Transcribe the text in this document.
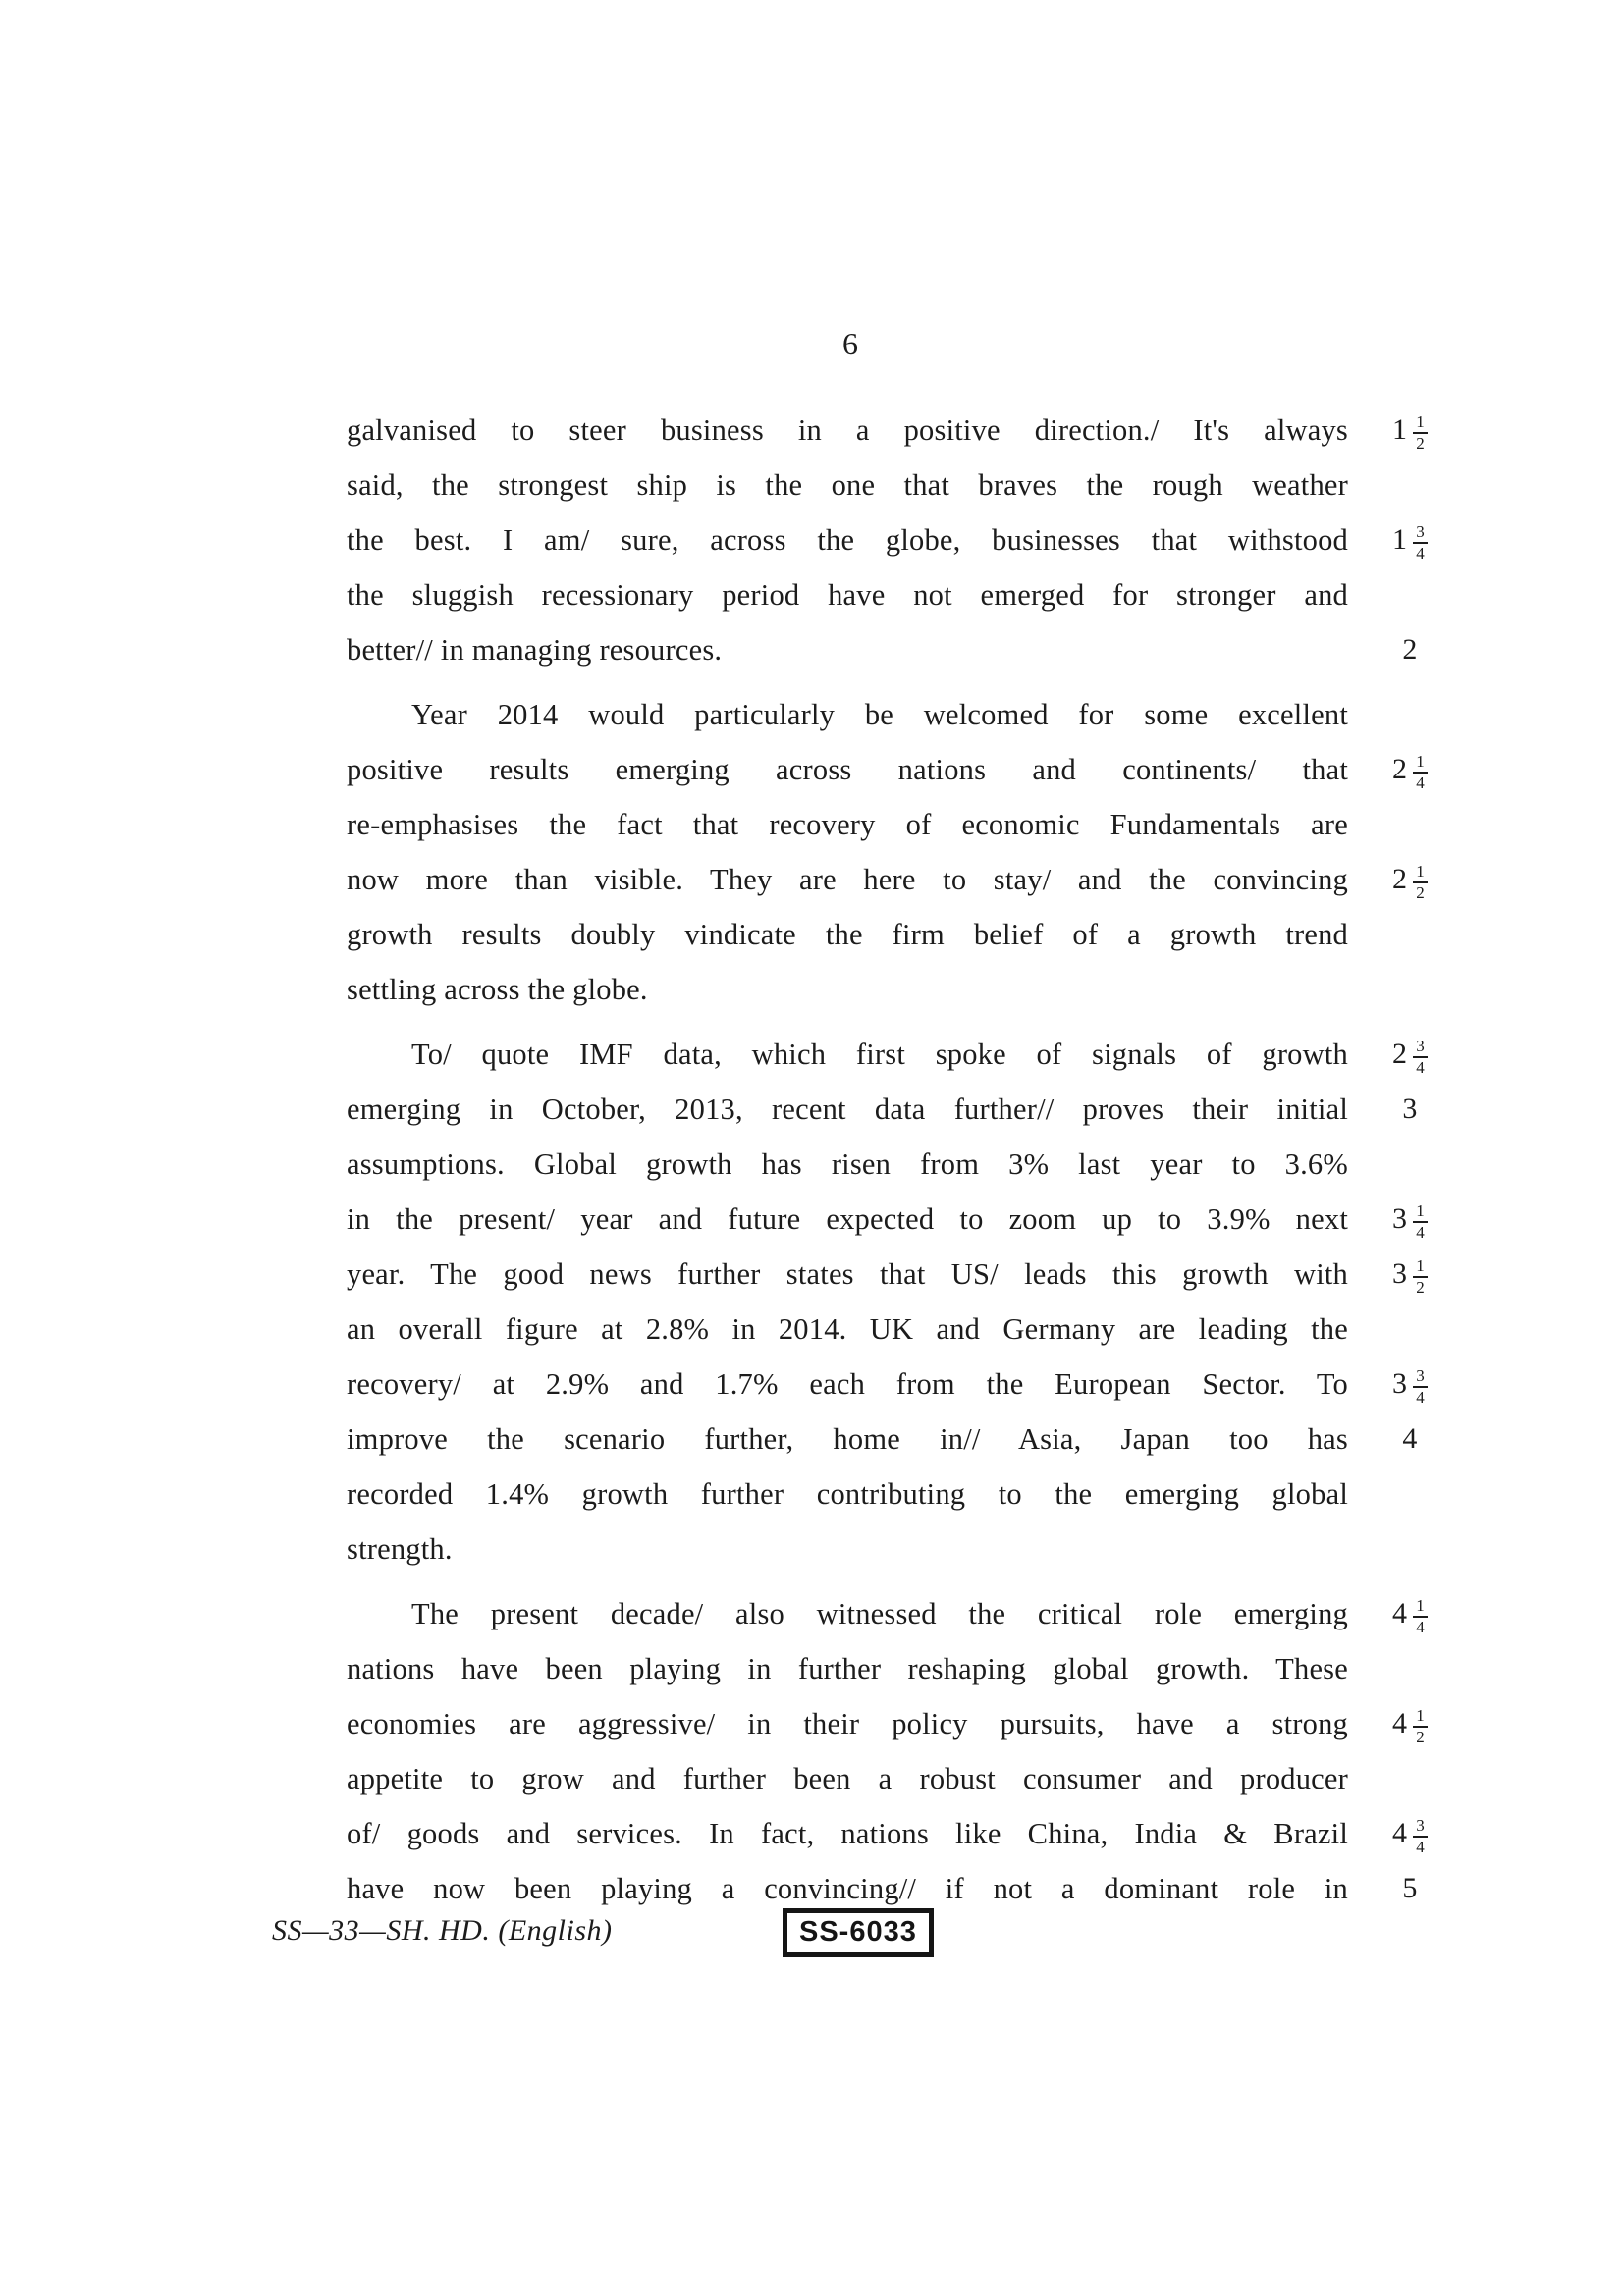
6
galvanised to steer business in a positive direction./ It's always $1 \frac{1}{2}$
said, the strongest ship is the one that braves the rough weather
the best. I am/ sure, across the globe, businesses that withstood $1 \frac{3}{4}$
the sluggish recessionary period have not emerged for stronger and
better// in managing resources.	2
Year 2014 would particularly be welcomed for some excellent
positive results emerging across nations and continents/ that $2 \frac{1}{4}$
re-emphasises the fact that recovery of economic Fundamentals are
now more than visible. They are here to stay/ and the convincing $2 \frac{1}{2}$
growth results doubly vindicate the firm belief of a growth trend
settling across the globe.
To/ quote IMF data, which first spoke of signals of growth $2 \frac{3}{4}$
emerging in October, 2013, recent data further// proves their initial 3
assumptions. Global growth has risen from 3% last year to 3.6%
in the present/ year and future expected to zoom up to 3.9% next $3 \frac{1}{4}$
year. The good news further states that US/ leads this growth with $3 \frac{1}{2}$
an overall figure at 2.8% in 2014. UK and Germany are leading the
recovery/ at 2.9% and 1.7% each from the European Sector. To $3 \frac{3}{4}$
improve the scenario further, home in// Asia, Japan too has 4
recorded 1.4% growth further contributing to the emerging global
strength.
The present decade/ also witnessed the critical role emerging $4 \frac{1}{4}$
nations have been playing in further reshaping global growth. These
economies are aggressive/ in their policy pursuits, have a strong $4 \frac{1}{2}$
appetite to grow and further been a robust consumer and producer
of/ goods and services. In fact, nations like China, India & Brazil $4 \frac{3}{4}$
have now been playing a convincing// if not a dominant role in 5
SS—33—SH. HD. (English)	SS-6033
